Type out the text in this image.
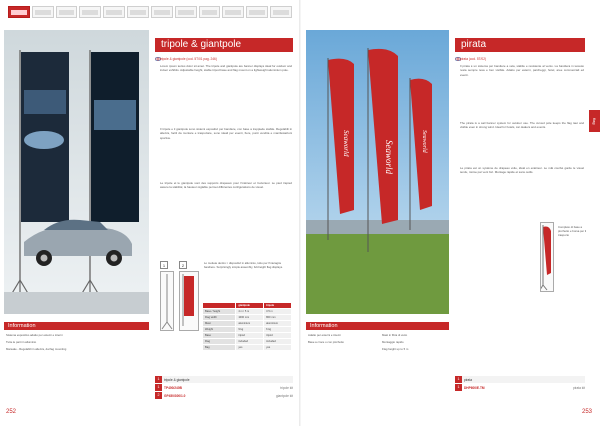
tripole & giantpole
tripole & giantpole (cod. 5T/01 pag. 246)
Lorem ipsum textus dolor sit amet. The tripole and giantpole are banner displays ideal for outdoor and indoor exhibits. Adjustable height, stable tripod base and flag mount on a lightweight aluminium pole.
Il tripole e il giantpole sono sistemi espositivi per bandiere, con base a treppiede stabile. Regolabili in altezza, facili da montare e trasportare, sono ideali per eventi, fiere, punti vendita e manifestazioni sportive.
Le tripole et le giantpole sont des supports drapeaux pour l'intérieur et l'extérieur. Le pied trépied assure la stabilité; la hauteur réglable permet différentes configurations de visuel.
1	2	Lo mettete dentro: i dispositivi in alluminio, tutto per l'interagire bandiere. Surprisingly simple assembly, full-height flag displays.
	giantpole	tripole
Base / height	4 m / 5 m	3.5 m
Flag width	1000 mm	800 mm
Mast	aluminium	aluminium
Weight	9 kg	6 kg
Base	tripod	tripod
Flag	included	included
Bag	yes	yes
Information
Sistema espositivo adatto per esterni e interni
Tutte le parti in alluminio
Manuale - Regolabili in altezza, da flag mounting
1	tripole & giantpole
1	TP400/240B	tripole kit
2	GP450/300/1.0	giantpole kit
252
Seaworld
Seaworld	Seaworld
pirata
pirata (cod. 5T/02)
Il pirata è un sistema per bandiere a vela, stabile e resistente al vento. La bandiera in tessuto resta sempre tesa e ben visibile. Adatto per esterni, parcheggi, hotel, aree commerciali ed eventi.
The pirata is a sail banner system for outdoor use. The curved pole keeps the flag taut and visible even in strong wind. Ideal for hotels, car dealers and events.
Le pirata est un système de drapeau voile, idéal en extérieur. Le mât courbé garde le visuel tendu, même par vent fort. Montage rapide et sans outils.
flag
Completo di base a picchetto e borsa per il trasporto
Information
Adatto per esterni e interni
Base a croce o con picchetto
Mast in fibra di vetro
Montaggio rapido
Flag height up to 5 m
1	pirata
1	DHP600/E.TM	pirata kit
253
